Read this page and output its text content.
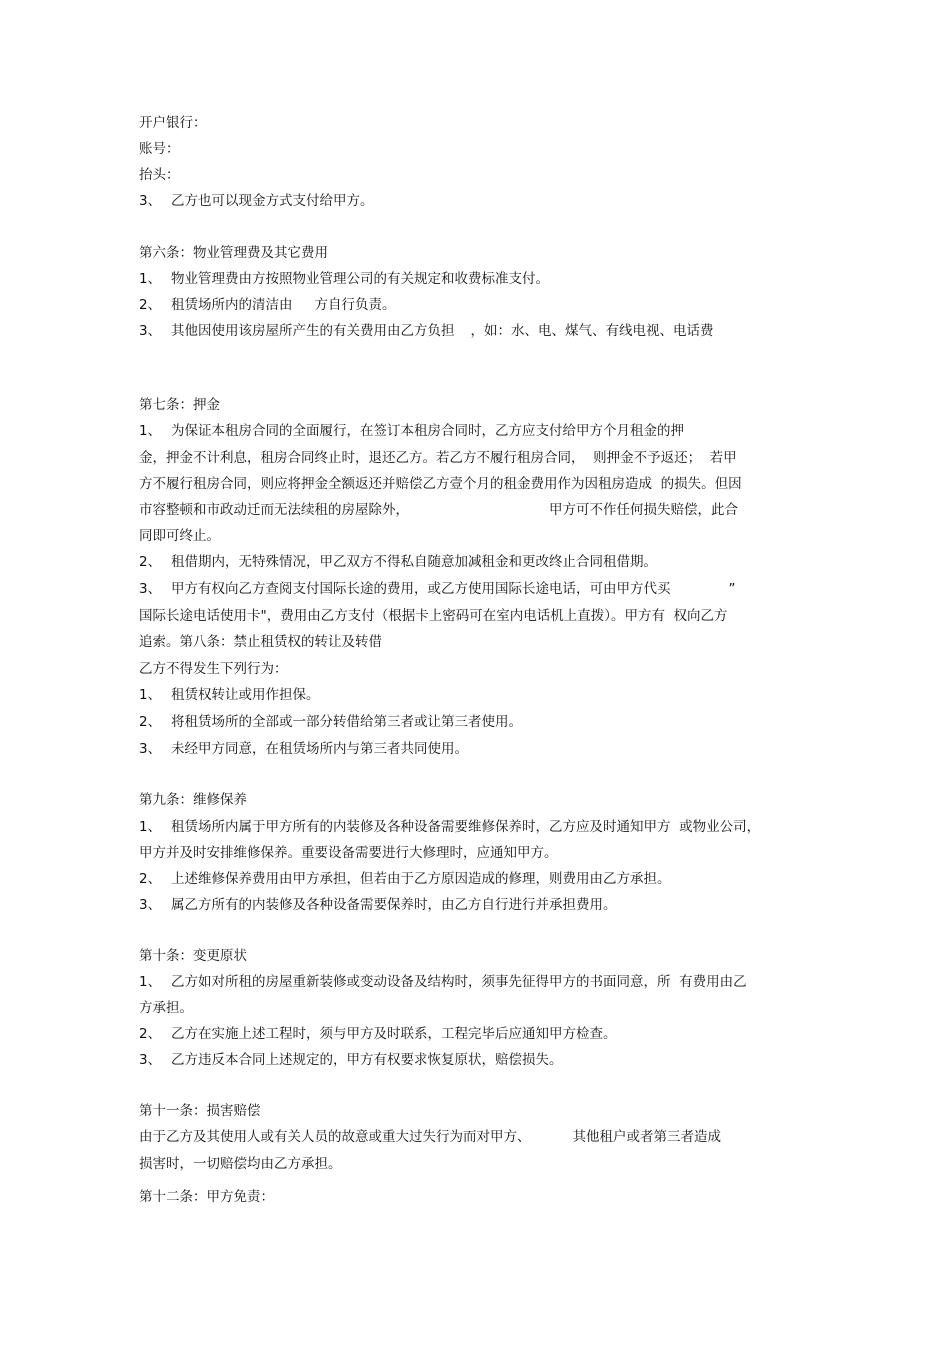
开户银行：
账号：
抬头：
3、 乙方也可以现金方式支付给甲方。
第六条：物业管理费及其它费用
1、 物业管理费由方按照物业管理公司的有关规定和收费标准支付。
2、 租赁场所内的清洁由 方自行负责。
3、 其他因使用该房屋所产生的有关费用由乙方负担 ，如：水、电、煤气、有线电视、电话费
第七条：押金
1、 为保证本租房合同的全面履行，在签订本租房合同时，乙方应支付给甲方个月租金的押
金，押金不计利息，租房合同终止时，退还乙方。若乙方不履行租房合同，  则押金不予返还；  若甲
方不履行租房合同，则应将押金全额返还并赔偿乙方壹个月的租金费用作为因租房造成  的损失。但因
市容整顿和市政动迁而无法续租的房屋除外，	甲方可不作任何损失赔偿，此合
同即可终止。
2、 租借期内，无特殊情况，甲乙双方不得私自随意加减租金和更改终止合同租借期。
3、 甲方有权向乙方查阅支付国际长途的费用，或乙方使用国际长途电话，可由甲方代买	”
国际长途电话使用卡"，费用由乙方支付（根据卡上密码可在室内电话机上直拨）。甲方有  权向乙方
追索。第八条：禁止租赁权的转让及转借
乙方不得发生下列行为：
1、 租赁权转让或用作担保。
2、 将租赁场所的全部或一部分转借给第三者或让第三者使用。
3、 未经甲方同意，在租赁场所内与第三者共同使用。
第九条：维修保养
1、 租赁场所内属于甲方所有的内装修及各种设备需要维修保养时，乙方应及时通知甲方  或物业公司，
甲方并及时安排维修保养。重要设备需要进行大修理时，应通知甲方。
2、 上述维修保养费用由甲方承担，但若由于乙方原因造成的修理，则费用由乙方承担。
3、 属乙方所有的内装修及各种设备需要保养时，由乙方自行进行并承担费用。
第十条：变更原状
1、 乙方如对所租的房屋重新装修或变动设备及结构时，须事先征得甲方的书面同意，所  有费用由乙
方承担。
2、 乙方在实施上述工程时，须与甲方及时联系，工程完毕后应通知甲方检查。
3、 乙方违反本合同上述规定的，甲方有权要求恢复原状，赔偿损失。
第十一条：损害赔偿
由于乙方及其使用人或有关人员的故意或重大过失行为而对甲方、	其他租户或者第三者造成
损害时，一切赔偿均由乙方承担。
第十二条：甲方免责：
